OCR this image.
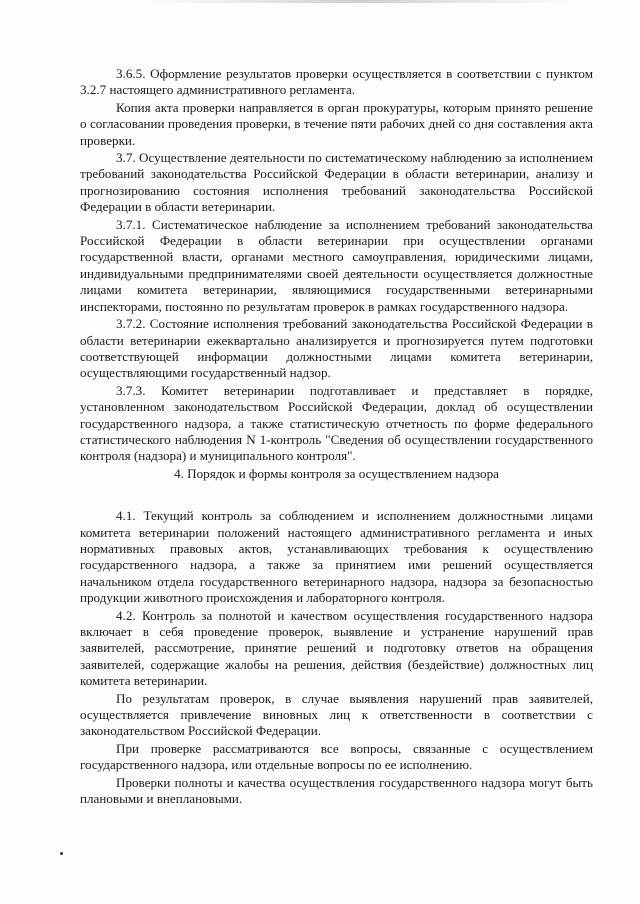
3.6.5. Оформление результатов проверки осуществляется в соответствии с пунктом 3.2.7 настоящего административного регламента.

Копия акта проверки направляется в орган прокуратуры, которым принято решение о согласовании проведения проверки, в течение пяти рабочих дней со дня составления акта проверки.

3.7. Осуществление деятельности по систематическому наблюдению за исполнением требований законодательства Российской Федерации в области ветеринарии, анализу и прогнозированию состояния исполнения требований законодательства Российской Федерации в области ветеринарии.

3.7.1. Систематическое наблюдение за исполнением требований законодательства Российской Федерации в области ветеринарии при осуществлении органами государственной власти, органами местного самоуправления, юридическими лицами, индивидуальными предпринимателями своей деятельности осуществляется должностные лицами комитета ветеринарии, являющимися государственными ветеринарными инспекторами, постоянно по результатам проверок в рамках государственного надзора.

3.7.2. Состояние исполнения требований законодательства Российской Федерации в области ветеринарии ежеквартально анализируется и прогнозируется путем подготовки соответствующей информации должностными лицами комитета ветеринарии, осуществляющими государственный надзор.

3.7.3. Комитет ветеринарии подготавливает и представляет в порядке, установленном законодательством Российской Федерации, доклад об осуществлении государственного надзора, а также статистическую отчетность по форме федерального статистического наблюдения N 1-контроль "Сведения об осуществлении государственного контроля (надзора) и муниципального контроля".

4. Порядок и формы контроля за осуществлением надзора

4.1. Текущий контроль за соблюдением и исполнением должностными лицами комитета ветеринарии положений настоящего административного регламента и иных нормативных правовых актов, устанавливающих требования к осуществлению государственного надзора, а также за принятием ими решений осуществляется начальником отдела государственного ветеринарного надзора, надзора за безопасностью продукции животного происхождения и лабораторного контроля.

4.2. Контроль за полнотой и качеством осуществления государственного надзора включает в себя проведение проверок, выявление и устранение нарушений прав заявителей, рассмотрение, принятие решений и подготовку ответов на обращения заявителей, содержащие жалобы на решения, действия (бездействие) должностных лиц комитета ветеринарии.

По результатам проверок, в случае выявления нарушений прав заявителей, осуществляется привлечение виновных лиц к ответственности в соответствии с законодательством Российской Федерации.

При проверке рассматриваются все вопросы, связанные с осуществлением государственного надзора, или отдельные вопросы по ее исполнению.

Проверки полноты и качества осуществления государственного надзора могут быть плановыми и внеплановыми.
